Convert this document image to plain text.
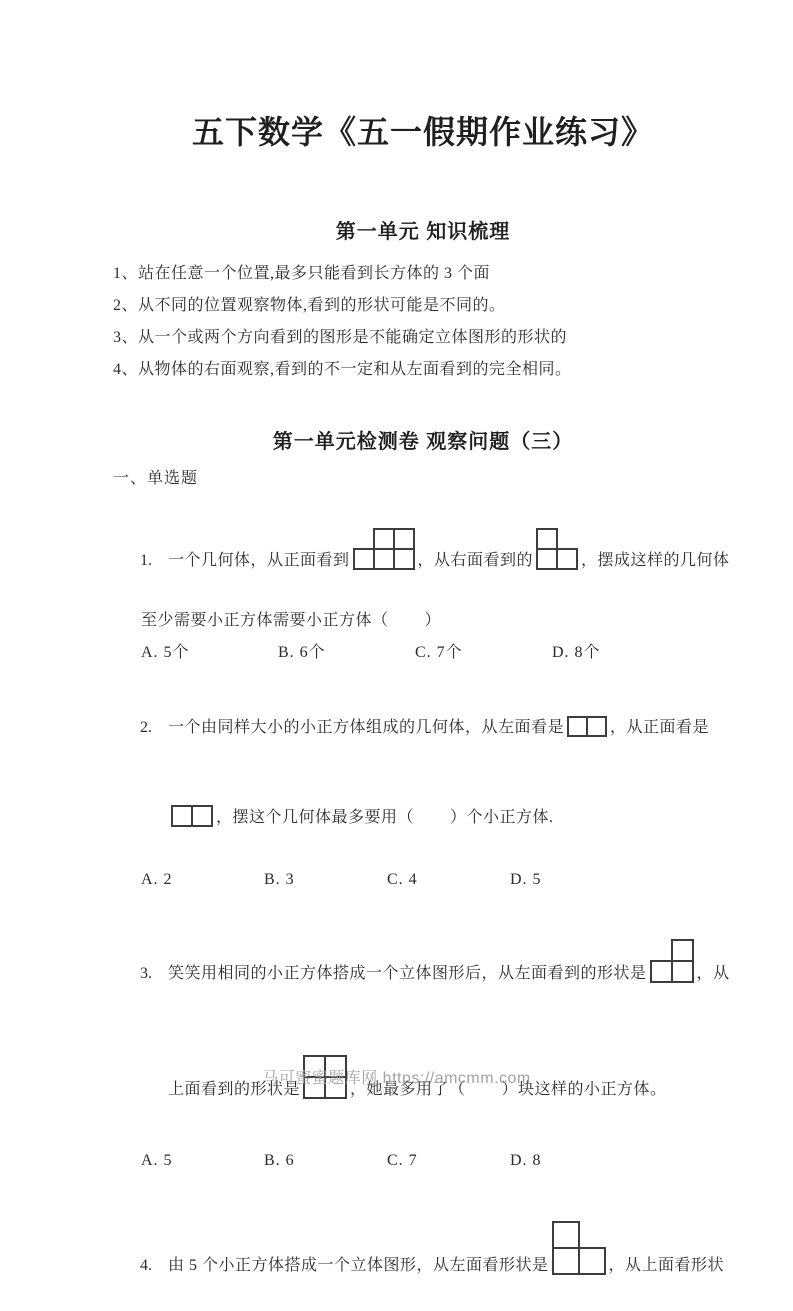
五下数学《五一假期作业练习》
第一单元 知识梳理
1、站在任意一个位置,最多只能看到长方体的 3 个面
2、从不同的位置观察物体,看到的形状可能是不同的。
3、从一个或两个方向看到的图形是不能确定立体图形的形状的
4、从物体的右面观察,看到的不一定和从左面看到的完全相同。
第一单元检测卷 观察问题（三）
一、单选题

1. 一个几何体，从正面看到	，从右面看到的	，摆成这样的几何体

至少需要小正方体需要小正方体（        ）
A. 5个	B. 6个	C. 7个	D. 8个

2. 一个由同样大小的小正方体组成的几何体，从左面看是	，从正面看是

，摆这个几何体最多要用（        ）个小正方体.

A. 2	B. 3	C. 4	D. 5

3. 笑笑用相同的小正方体搭成一个立体图形后，从左面看到的形状是	，从

上面看到的形状是	，她最多用了（        ）块这样的小正方体。

A. 5	B. 6	C. 7	D. 8

4. 由 5 个小正方体搭成一个立体图形，从左面看形状是	，从上面看形状

马可蜜蜜题库网 https://amcmm.com
